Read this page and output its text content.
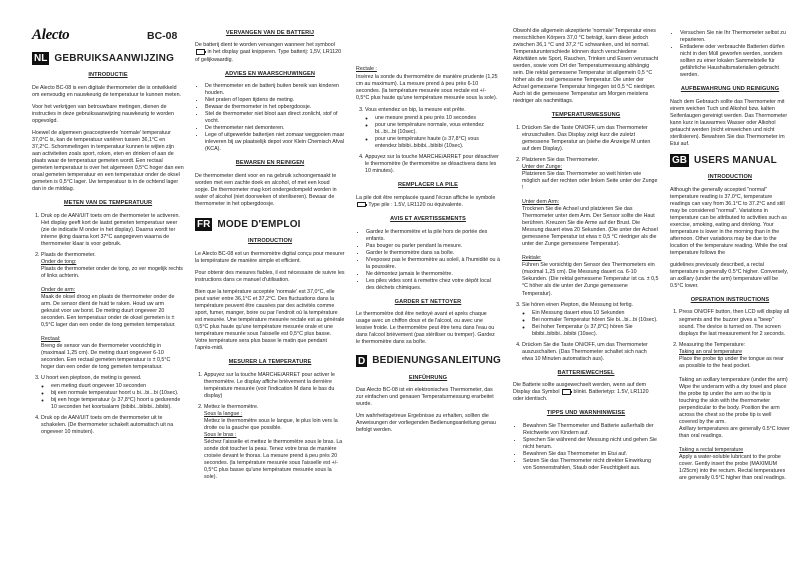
Alecto
NL GEBRUIKSAANWIJZING
INTRODUCTIE

De Alecto BC-08 is een digitale thermometer die is ontwikkeld om eenvoudig en nauwkeurig de temperatuur te kunnen meten.

Voor het verkrijgen van betrouwbare metingen, dienen de instructies in deze gebruiksaanwijzing nauwkeurig te worden opgevolgd.

Hoewel de algemeen geaccepteerde 'normale' temperatuur 37,0°C is, kan de temperatuur variëren tussen 36,1°C en 37,2°C. Schommelingen in temperatuur kunnen te wijten zijn aan activiteiten zoals sport, roken, eten en drinken of aan de plaats waar de temperatuur gemeten wordt. Een rectaal gemeten temperatuur is over het algemeen 0,5°C hoger dan een oraal gemeten temperatuur en een temperatuur onder de oksel gemeten is 0,5°C lager. Uw temperatuur is in de ochtend lager dan in de middag.

METEN VAN DE TEMPERATUUR
1. Druk op de AAN/UIT toets om de thermometer te activeren. Het display geeft kort de laatst gemeten temperatuur weer (zie de indicatie M onder in het display). Daarna wordt ter interne ijking daarna kort 37°C aangegeven waarna de thermometer klaar is voor gebruik.
2. Plaats de thermometer.
Onder de tong:
Plaats de thermometer onder de tong, zo ver mogelijk rechts of links achterin.

Onder de arm:
Maak de oksel droog en plaats de thermometer onder de arm. De sensor dient de huid te raken. Houd uw arm gekruist voor uw borst. De meting duurt ongeveer 20 seconden. Een temperatuur onder de oksel gemeten is ± 0,5°C lager dan een onder de tong gemeten temperatuur.

Rectaal:
Breng de sensor van de thermometer voorzichtig in (maximaal 1,25 cm). De meting duurt ongeveer 6-10 seconden. Een rectaal gemeten temperatuur is ± 0,5°C hoger dan een onder de tong gemeten temperatuur.
3. U hoort een pieptoon, de meting is gereed.
◦ een meting duurt ongeveer 10 seconden
◦ bij een normale temperatuur hoort u bi...bi...bi (10sec).
◦ bij een hoge temperatuur (≥ 37,8°C) hoort u gedurende 10 seconden het koortsalarm (bibibi...bibibi...bibibi).
4. Druk op de AAN/UIT toets om de thermometer uit te schakelen. (De thermometer schakelt automatisch uit na ongeveer 10 minuten).
BC-08	VERVANGEN VAN DE BATTERIJ

De batterij dient te worden vervangen wanneer het symbool  in het display gaat knipperen. Type batterij: 1,5V, LR1120 of gelijkwaardig.

ADVIES EN WAARSCHUWINGEN
• De thermometer en de batterij buiten bereik van kinderen houden.
• Niet praten of lopen tijdens de meting.
• Bewaar de thermometer in het opbergdoosje.
• Stel de thermometer niet bloot aan direct zonlicht, stof of vocht.
• De thermometer niet demonteren.
• Lege of uitgewerkte batterijen niet zomaar weggooien maar inleveren bij uw plaatselijk depot voor Klein Chemisch Afval (KCA).
BEWAREN EN REINIGEN

De thermometer dient voor en na gebruik schoongemaakt te worden met een zachte doek en alcohol, of met een koud sopje. De thermometer mag kort ondergedompeld worden in water of alcohol (niet doorweken of steriliseren). Bewaar de thermometer in het opbergdoosje.

FR MODE D'EMPLOI
INTRODUCTION

Le Alecto BC-08 est un thermomètre digital conçu pour mesurer la température de manière simple et efficient.

Pour obtenir des mesures fiables, il est nécessaire de suivre les instructions dans ce manuel d'utilisation.

Bien que la température acceptée 'normale' est 37,0°C, elle peut varier entre 36,1°C et 37,2°C. Des fluctuations dans la température peuvent être causées par des activités comme sport, fumer, manger, boire ou par l'endroit où la température est mesurée. Une température mesurée rectale est au générale 0,5°C plus haute qu'une température mesurée orale et une température mesurée sous l'aisselle est 0,5°C plus basse. Votre température sera plus basse le matin que pendant l'après-midi.

MESURER LA TEMPERATURE
1. Appuyez sur la touche MARCHE/ARRET pour activer le thermomètre. Le display affiche brièvement la dernière température mesurée (voir l'indication M dans le bas du display)
2. Mettez le thermomètre.
Sous la Iangue :
Mettez le thermomètre sous le langue, le plus loin vers la droite ou la gauche que possible.
Sous le bras :
Séchez l'aisselle et mettez le thermomètre sous le bras. La sonde doit toucher la peau. Tenez votre bras de manière croisée devant le thorax. La mesure prend à peu près 20 secondes. (la température mesurée sous l'aisselle est +/- 0,5°C plus basse qu'une température mesurée sous la sole).

Rectale :

Insérez la sonde du thermomètre de manière prudente (1,25 cm au maximum). La mesure prend à peu près 6-10 secondes. (la température mesurée sous rectale est +/- 0,5°C plus haute qu'une température mesurée sous la sole).

3. Vous entendez un bip, la mesure est prête.
◦ une mesure prend à peu près 10 secondes
◦ pour une température normale, vous entendez bi...bi...bi (10sec).
◦ pour une température haute (≥ 37,8°C) vous entendez bibibi..bibibi...bibibi (10sec).
4. Appuyez sur la touche MARCHE/ARRET pour désactiver le thermomètre (le thermomètre se désactivera dans les 10 minutes).
REMPLACER LA PILE

La pile doit être remplacée quand l'écran affiche le symbole  Type pile : 1.5V, LR1120 ou équivalente.

AVIS ET AVERTISSEMENTS
• Gardez le thermomètre et la pile hors de portée des enfants.
• Pas bouger ou parler pendant la mesure.
• Garder le thermomètre dans sa boîte.
• N'exposez pas le thermomètre au soleil, à l'humidité ou à la poussière.
• Ne démontez jamais le thermomètre.
• Les piles vides sont à remettre chez votre dépôt local des déchets chimiques.
GARDER ET NETTOYER

Le thermomètre doit être nettoyé avant et après chaque usage avec un chiffon doux et de l'alcool, ou avec une lessive froide. Le thermomètre peut être tenu dans l'eau ou dans l'alcool brièvement (pas stériliser ou tremper). Gardez le thermomètre dans sa boîte.

D BEDIENUNGSANLEITUNG
EINFÜHRUNG

Das Alecto BC-08 ist ein elektronisches Thermometer, das zur einfachen und genauen Temperaturmessung erarbeitet wurde.

Um wahrheitsgetreue Ergebnisse zu erhalten, sollten die Anweisungen der vorliegenden Bedienungsanleitung genau befolgt werden.

Obwohl die allgemein akzeptierte 'normale' Temperatur eines menschlichen Körpers 37,0 °C beträgt, kann diese jedoch zwischen 36,1 °C und 37,2 °C schwanken, und ist normal. Temperaturunterschiede können durch verschiedene Aktivitäten wie Sport, Rauchen, Trinken und Essen verursacht werden, sowie vom Ort der Temperaturmessung abhängig sein. Die rektal gemessene Temperatur ist allgemein 0,5 °C höher als die oral gemessene Temperatur. Die unter der Achsel gemessene Temperatur hingegen ist 0,5 °C niedriger. Auch ist die gemessene Temperatur am Morgen meistens niedriger als nachmittags.

TEMPERATURMESSUNG
1. Drücken Sie die Taste ON/OFF, um das Thermometer einzuschalten. Das Display zeigt kurz die zuletzt gemessene Temperatur an (siehe die Anzeige M unten auf dem Display).
2. Platzieren Sie das Thermometer.
Unter der Zunge:
Platzieren Sie das Thermometer so weit hinten wie möglich auf der rechten oder linken Seite unter der Zunge !

Unter dem Arm:
Trocknen Sie die Achsel und platzieren Sie das Thermometer unter dem Arm. Der Sensor sollte die Haut berühren. Kreuzen Sie die Arme auf der Brust. Die Messung dauert etwa 20 Sekunden. (Die unter der Achsel gemessene Temperatur ist etwa ± 0,5 °C niedriger als die unter der Zunge gemessene Temperatur).

Rektale:
Führen Sie vorsichtig den Sensor des Thermometers ein (maximal 1,25 cm). Die Messung dauert ca. 6-10 Sekunden. (Die rektal gemessene Temperatur ist ca. ± 0,5 °C höher als die unter der Zunge gemessene Temperatur).
3. Sie hören einen Piepton, die Messung ist fertig.
◦ Ein Messung dauert etwa 10 Sekunden
◦ Bei normaler Temperatur hören Sie bi...bi...bi (10sec).
◦ Bei hoher Temperatur (≥ 37,8°C) hören Sie bibibi..bibibi...bibibi (10sec).
4. Drücken Sie die Taste ON/OFF, um das Thermometer auszuschalten. (Das Thermometer schaltet sich nach etwa 10 Minuten automatisch aus).
BATTERIEWECHSEL

Die Batterie sollte ausgewechselt werden, wenn auf dem Display das Symbol	blinkt. Batterietyp: 1.5V, LR1120 oder identisch.

TIPPS UND WARNHINWEISE
• Bewahren Sie Thermometer und Batterie außerhalb der Reichweite von Kindern auf.
• Sprechen Sie während der Messung nicht und gehen Sie nicht herum.
• Bewahren Sie das Thermometer im Etui auf.
• Setzen Sie das Thermometer nicht direkter Einwirkung von Sonnenstrahlen, Staub oder Feuchtigkeit aus.
• Versuchen Sie nie Ihr Thermometer selbst zu reparieren.
• Entladene oder verbrauchte Batterien dürfen nicht in den Müll geworfen werden, sondern sollten zu einer lokalen Sammelstelle für gefährliche Haushaltsmaterialien gebracht werden.
AUFBEWAHRUNG UND REINIGUNG

Nach dem Gebrauch sollte das Thermometer mit einem weichen Tuch und Alkohol bzw. kalten Seifenlaugen gereinigt werden. Das Thermometer kann kurz in lauwarmes Wasser oder Alkohol getaucht werden (nicht einweichen und nicht sterilisieren). Bewahren Sie das Thermometer im Etui auf.

GB USERS MANUAL
INTRODUCTION

Although the generally accepted "normal" temperature reading is 37.0°C, temperature readings can vary from 36.1°C to 37.2°C and still may be considered "normal". Variations in temperature can be attributed to activities such as exercise, smoking, eating and drinking. Your temperature is lower in the morning than in the afternoon. Other variations may be due to the location of the temperature reading. While the oral temperature follows the

guidelines previously described, a rectal temperature is generally 0.5°C higher. Conversely, an axillary (under the arm) temperature will be 0.5°C lower.

OPERATION INSTRUCTIONS
1. Press ON/OFF button, then LCD will display all segments and the buzzer gives a "beep" sound. The device is turned on. The screen displays the last measurement for 2 seconds.
2. Measuring the Temperature:
Taking an oral temperature
Place the probe tip under the tongue as near as possible to the heat pocket.

Taking an axillary temperature (under the arm) Wipe the underarm with a dry towel and place the probe tip under the arm so the tip is touching the skin with the thermometer perpendicular to the body. Position the arm across the chest so the probe tip is well covered by the arm.
Axillary temperatures are generally 0.5°C lower than oral readings.

Taking a rectal temperature
Apply a water-soluble lubricant to the probe cover. Gently insert the probe (MAXIMUM 1/25cm) into the rectum. Rectal temperatures are generally 0.5°C higher than oral readings.
